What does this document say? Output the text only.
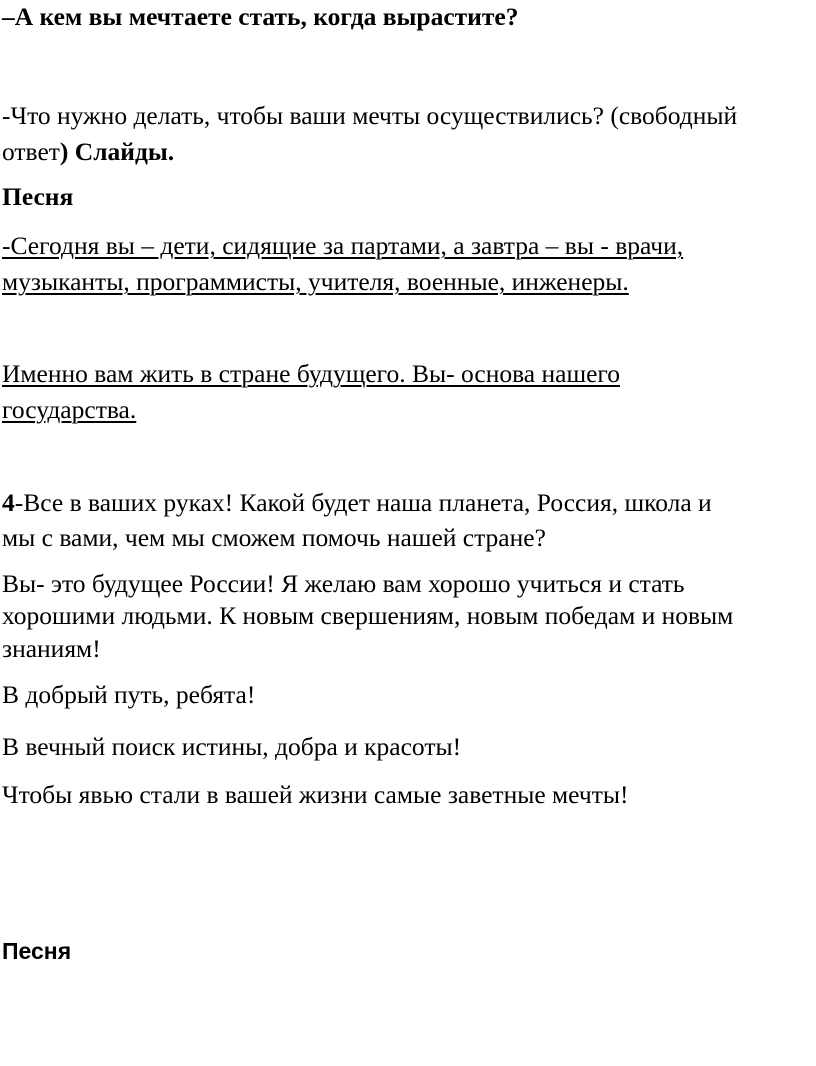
–А кем вы мечтаете стать, когда вырастите?

-Что нужно делать, чтобы ваши мечты осуществились? (свободный

ответ) Слайды.

Песня

-Сегодня вы – дети, сидящие за партами, а завтра – вы - врачи,

музыканты, программисты, учителя, военные, инженеры.

Именно вам жить в стране будущего. Вы- основа нашего

государства.

4-Все в ваших руках! Какой будет наша планета, Россия, школа и

мы с вами, чем мы сможем помочь нашей стране?

Вы- это будущее России! Я желаю вам хорошо учиться и стать

хорошими людьми. К новым свершениям, новым победам и новым

знаниям!

В добрый путь, ребята!

В вечный поиск истины, добра и красоты!

Чтобы явью стали в вашей жизни самые заветные мечты!

Песня
